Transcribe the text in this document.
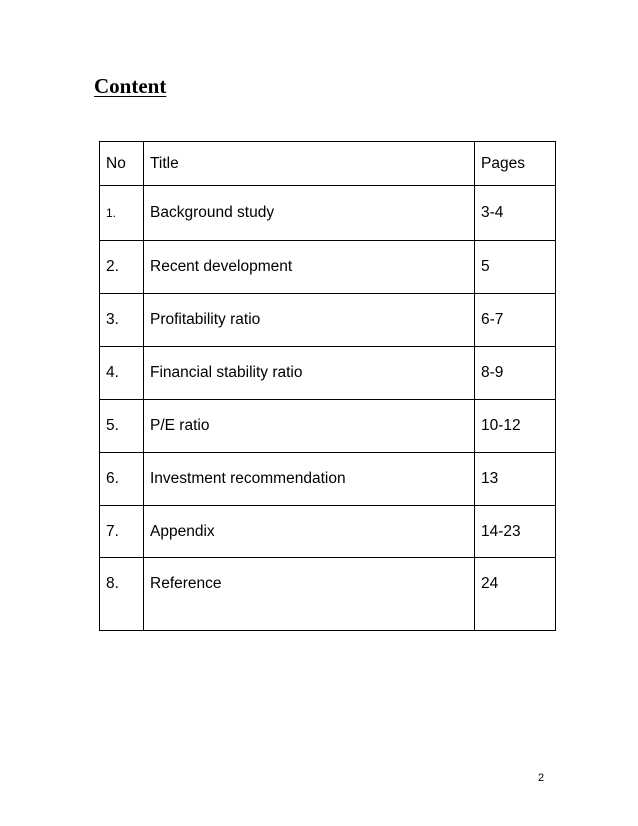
Content
No	Title	Pages
1.	Background study	3-4
2.	Recent development	5
3.	Profitability ratio	6-7
4.	Financial stability ratio	8-9
5.	P/E ratio	10-12
6.	Investment recommendation	13
7.	Appendix	14-23
8.	Reference	24
2
